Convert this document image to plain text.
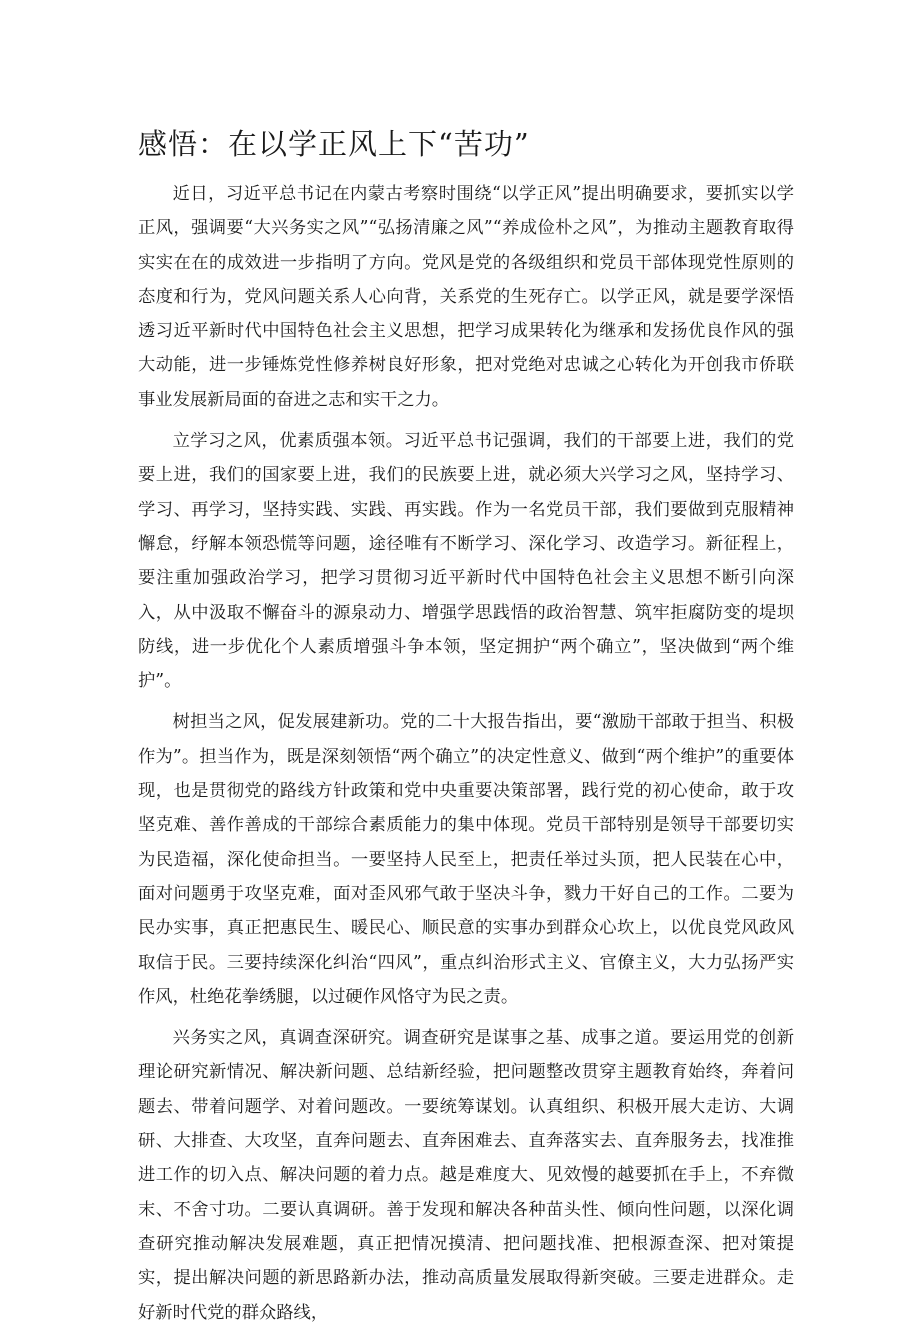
感悟：在以学正风上下“苦功”

近日，习近平总书记在内蒙古考察时围绕“以学正风”提出明确要求，要抓实以学正风，强调要“大兴务实之风”“弘扬清廉之风”“养成俭朴之风”，为推动主题教育取得实实在在的成效进一步指明了方向。党风是党的各级组织和党员干部体现党性原则的态度和行为，党风问题关系人心向背，关系党的生死存亡。以学正风，就是要学深悟透习近平新时代中国特色社会主义思想，把学习成果转化为继承和发扬优良作风的强大动能，进一步锤炼党性修养树良好形象，把对党绝对忠诚之心转化为开创我市侨联事业发展新局面的奋进之志和实干之力。

立学习之风，优素质强本领。习近平总书记强调，我们的干部要上进，我们的党要上进，我们的国家要上进，我们的民族要上进，就必须大兴学习之风，坚持学习、学习、再学习，坚持实践、实践、再实践。作为一名党员干部，我们要做到克服精神懈怠，纾解本领恐慌等问题，途径唯有不断学习、深化学习、改造学习。新征程上，要注重加强政治学习，把学习贯彻习近平新时代中国特色社会主义思想不断引向深入，从中汲取不懈奋斗的源泉动力、增强学思践悟的政治智慧、筑牢拒腐防变的堤坝防线，进一步优化个人素质增强斗争本领，坚定拥护“两个确立”，坚决做到“两个维护”。

树担当之风，促发展建新功。党的二十大报告指出，要“激励干部敢于担当、积极作为”。担当作为，既是深刻领悟“两个确立”的决定性意义、做到“两个维护”的重要体现，也是贯彻党的路线方针政策和党中央重要决策部署，践行党的初心使命，敢于攻坚克难、善作善成的干部综合素质能力的集中体现。党员干部特别是领导干部要切实为民造福，深化使命担当。一要坚持人民至上，把责任举过头顶，把人民装在心中，面对问题勇于攻坚克难，面对歪风邪气敢于坚决斗争，戮力干好自己的工作。二要为民办实事，真正把惠民生、暖民心、顺民意的实事办到群众心坎上，以优良党风政风取信于民。三要持续深化纠治“四风”，重点纠治形式主义、官僚主义，大力弘扬严实作风，杜绝花拳绣腿，以过硬作风恪守为民之责。

兴务实之风，真调查深研究。调查研究是谋事之基、成事之道。要运用党的创新理论研究新情况、解决新问题、总结新经验，把问题整改贯穿主题教育始终，奔着问题去、带着问题学、对着问题改。一要统筹谋划。认真组织、积极开展大走访、大调研、大排查、大攻坚，直奔问题去、直奔困难去、直奔落实去、直奔服务去，找准推进工作的切入点、解决问题的着力点。越是难度大、见效慢的越要抓在手上，不弃微末、不舍寸功。二要认真调研。善于发现和解决各种苗头性、倾向性问题，以深化调查研究推动解决发展难题，真正把情况摸清、把问题找准、把根源查深、把对策提实，提出解决问题的新思路新办法，推动高质量发展取得新突破。三要走进群众。走好新时代党的群众路线，
